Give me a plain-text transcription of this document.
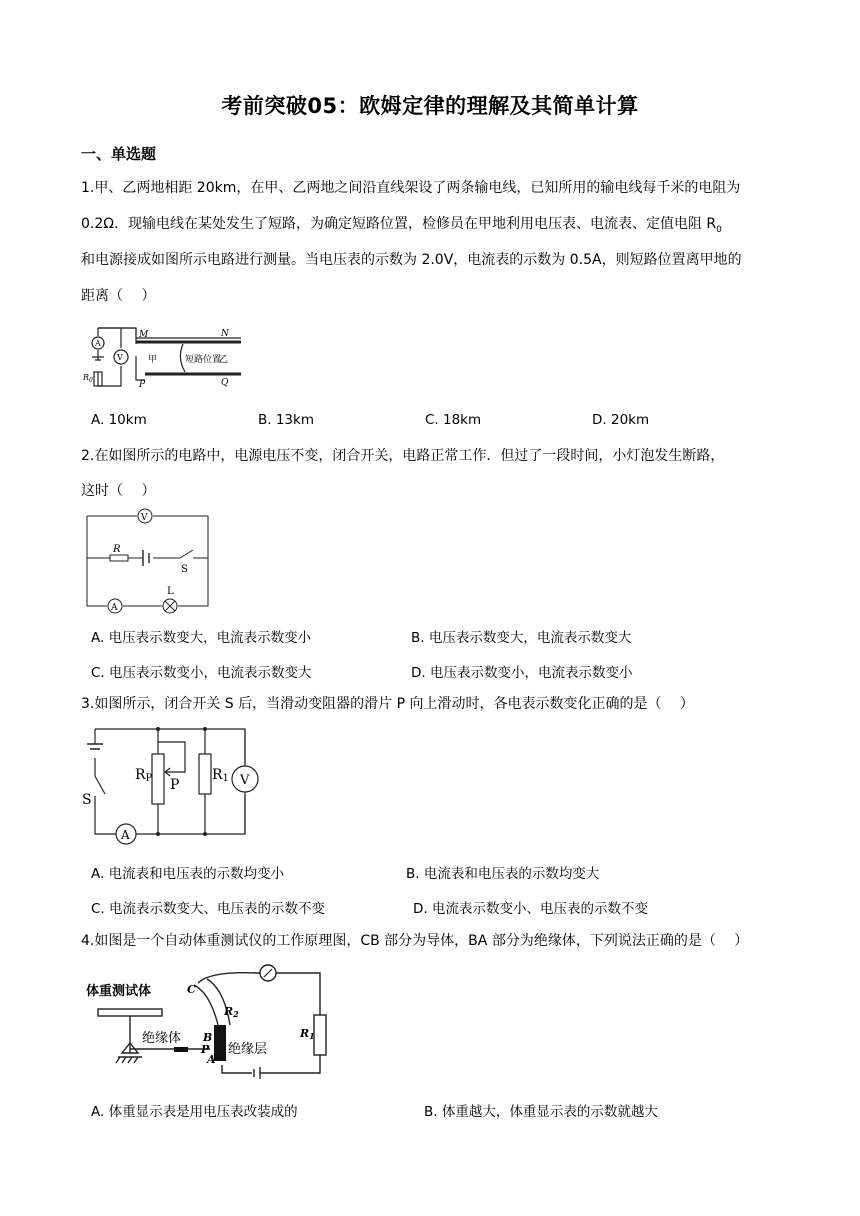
考前突破05：欧姆定律的理解及其简单计算
一、单选题
1.甲、乙两地相距 20km，在甲、乙两地之间沿直线架设了两条输电线，已知所用的输电线每千米的电阻为
0.2Ω．现输电线在某处发生了短路，为确定短路位置，检修员在甲地利用电压表、电流表、定值电阻 $R_0$
和电源接成如图所示电路进行测量。当电压表的示数为 2.0V，电流表的示数为 0.5A，则短路位置离甲地的
距离（　 ）
A
V
M	N
P	Q
甲	乙
短路位置
$R_0$
A. 10km	B. 13km	C. 18km	D. 20km
2.在如图所示的电路中，电源电压不变，闭合开关，电路正常工作．但过了一段时间，小灯泡发生断路，
这时（　 ）
V
R
S
L
A
A. 电压表示数变大，电流表示数变小	B. 电压表示数变大，电流表示数变大
C. 电压表示数变小，电流表示数变大	D. 电压表示数变小，电流表示数变小
3.如图所示，闭合开关 S 后，当滑动变阻器的滑片 P 向上滑动时，各电表示数变化正确的是（　 ）
V
A
S
RP P
R1
A. 电流表和电压表的示数均变小	B. 电流表和电压表的示数均变大
C. 电流表示数变大、电压表的示数不变	D. 电流表示数变小、电压表的示数不变
4.如图是一个自动体重测试仪的工作原理图，CB 部分为导体，BA 部分为绝缘体，下列说法正确的是（　 ）
体重测试体
绝缘体
绝缘层
C
B
P
A
R2
R1
A. 体重显示表是用电压表改装成的	B. 体重越大，体重显示表的示数就越大
